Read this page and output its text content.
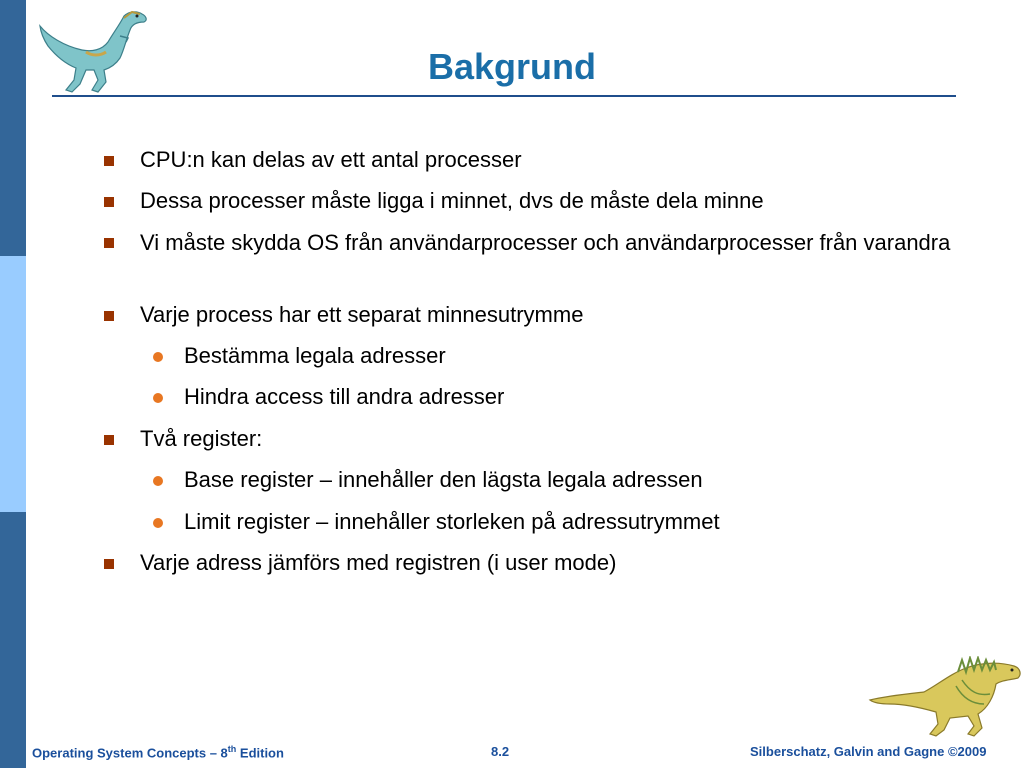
Bakgrund
CPU:n kan delas av ett antal processer
Dessa processer måste ligga i minnet, dvs de måste dela minne
Vi måste skydda OS från användarprocesser och användarprocesser från varandra
Varje process har ett separat minnesutrymme
Bestämma legala adresser
Hindra access till andra adresser
Två register:
Base register – innehåller den lägsta legala adressen
Limit register – innehåller storleken på adressutrymmet
Varje adress jämförs med registren (i user mode)
Operating System Concepts – 8th Edition	8.2	Silberschatz, Galvin and Gagne ©2009
